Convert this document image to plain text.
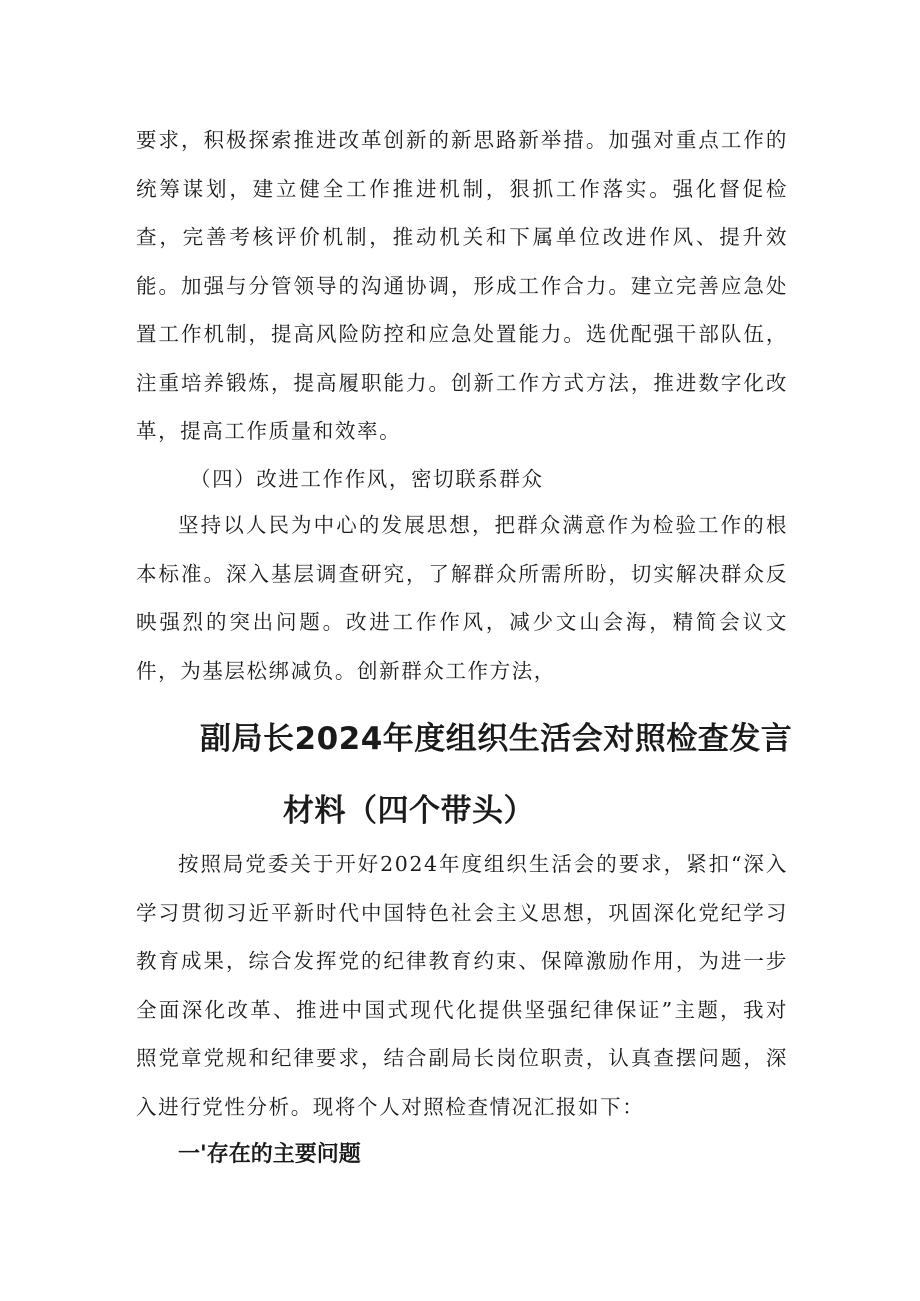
要求，积极探索推进改革创新的新思路新举措。加强对重点工作的统筹谋划，建立健全工作推进机制，狠抓工作落实。强化督促检查，完善考核评价机制，推动机关和下属单位改进作风、提升效能。加强与分管领导的沟通协调，形成工作合力。建立完善应急处置工作机制，提高风险防控和应急处置能力。选优配强干部队伍，注重培养锻炼，提高履职能力。创新工作方式方法，推进数字化改革，提高工作质量和效率。

（四）改进工作作风，密切联系群众

坚持以人民为中心的发展思想，把群众满意作为检验工作的根本标准。深入基层调查研究，了解群众所需所盼，切实解决群众反映强烈的突出问题。改进工作作风，减少文山会海，精简会议文件，为基层松绑减负。创新群众工作方法，

副局长2024年度组织生活会对照检查发言
材料（四个带头）

按照局党委关于开好2024年度组织生活会的要求，紧扣“深入学习贯彻习近平新时代中国特色社会主义思想，巩固深化党纪学习教育成果，综合发挥党的纪律教育约束、保障激励作用，为进一步全面深化改革、推进中国式现代化提供坚强纪律保证”主题，我对照党章党规和纪律要求，结合副局长岗位职责，认真查摆问题，深入进行党性分析。现将个人对照检查情况汇报如下：

一'存在的主要问题
